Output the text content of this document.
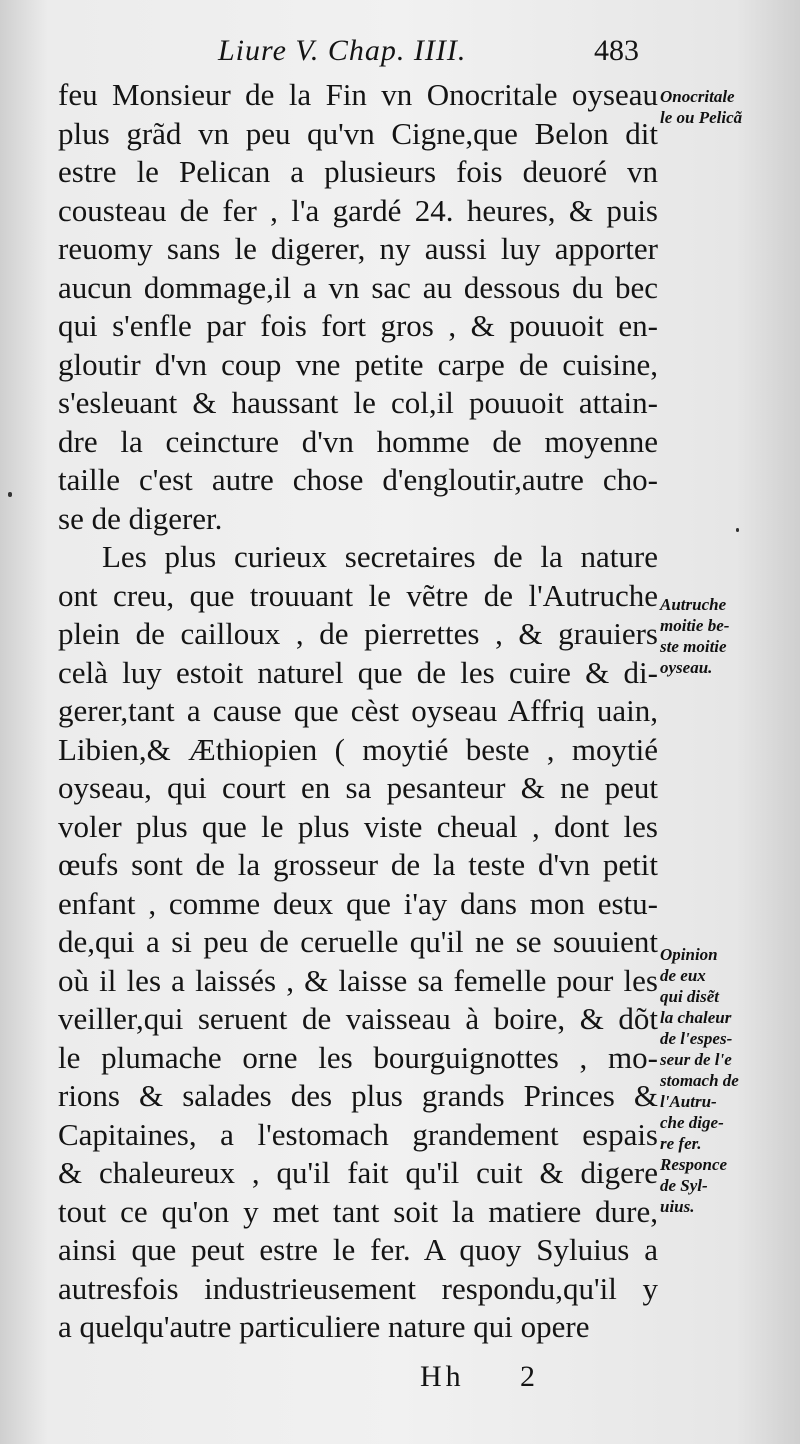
Liure V. Chap. IIII.	483
feu Monsieur de la Fin vn Onocritale oyseau
plus grãd vn peu qu'vn Cigne,que Belon dit
estre le Pelican a plusieurs fois deuoré vn
cousteau de fer , l'a gardé 24. heures, & puis
reuomy sans le digerer, ny aussi luy apporter
aucun dommage,il a vn sac au dessous du bec
qui s'enfle par fois fort gros , & pouuoit en-
gloutir d'vn coup vne petite carpe de cuisine,
s'esleuant & haussant le col,il pouuoit attain-
dre la ceincture d'vn homme de moyenne
taille c'est autre chose d'engloutir,autre cho-
se de digerer.
Les plus curieux secretaires de la nature
ont creu, que trouuant le vẽtre de l'Autruche
plein de cailloux , de pierrettes , & grauiers
celà luy estoit naturel que de les cuire & di-
gerer,tant a cause que cèst oyseau Affriq uain,
Libien,& Æthiopien ( moytié beste , moytié
oyseau, qui court en sa pesanteur & ne peut
voler plus que le plus viste cheual , dont les
œufs sont de la grosseur de la teste d'vn petit
enfant , comme deux que i'ay dans mon estu-
de,qui a si peu de ceruelle qu'il ne se souuient
où il les a laissés , & laisse sa femelle pour les
veiller,qui seruent de vaisseau à boire, & dõt
le plumache orne les bourguignottes , mo-
rions & salades des plus grands Princes &
Capitaines, a l'estomach grandement espais
& chaleureux , qu'il fait qu'il cuit & digere
tout ce qu'on y met tant soit la matiere dure,
ainsi que peut estre le fer. A quoy Syluius a
autresfois industrieusement respondu,qu'il y
a quelqu'autre particuliere nature qui opere
Onocritale
le ou Pelicã
Autruche
moitie be-
ste moitie
oyseau.
Opinion
de eux
qui disẽt
la chaleur
de l'espes-
seur de l'e
stomach de
l'Autru-
che dige-
re fer.
Responce
de Syl-
uius.
Hh 2
